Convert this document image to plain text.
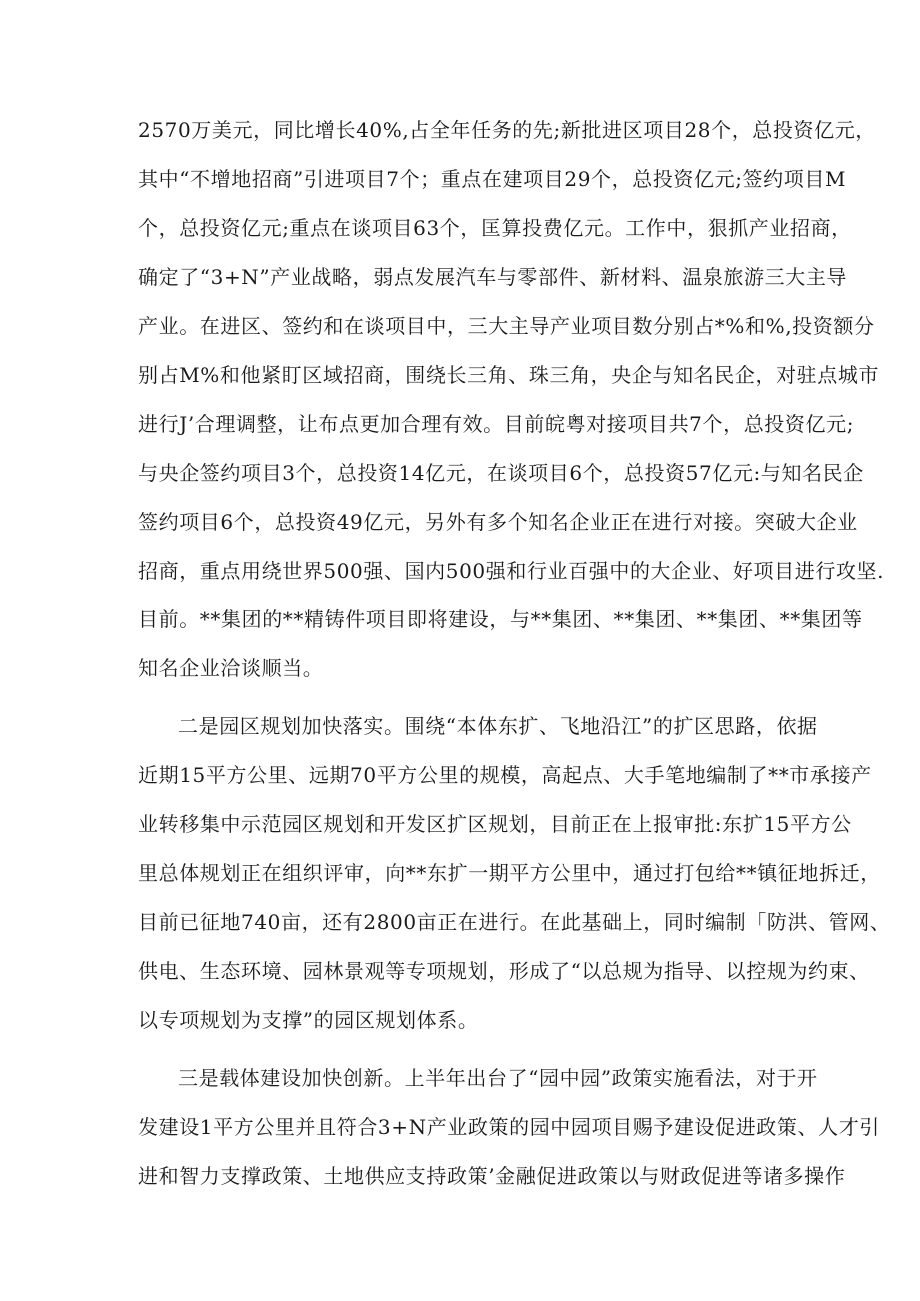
2570万美元，同比增长40%,占全年任务的先;新批进区项目28个，总投资亿元，
其中“不增地招商”引进项目7个；重点在建项目29个，总投资亿元;签约项目M
个，总投资亿元;重点在谈项目63个，匡算投费亿元。工作中，狠抓产业招商，
确定了“3+N”产业战略，弱点发展汽车与零部件、新材料、温泉旅游三大主导
产业。在进区、签约和在谈项目中，三大主导产业项目数分别占*%和%,投资额分
别占M%和他紧盯区域招商，围绕长三角、珠三角，央企与知名民企，对驻点城市
进行J’合理调整，让布点更加合理有效。目前皖粤对接项目共7个，总投资亿元;
与央企签约项目3个，总投资14亿元，在谈项目6个，总投资57亿元:与知名民企
签约项目6个，总投资49亿元，另外有多个知名企业正在进行对接。突破大企业
招商，重点用绕世界500强、国内500强和行业百强中的大企业、好项目进行攻坚.
目前。**集团的**精铸件项目即将建设，与**集团、**集团、**集团、**集团等
知名企业洽谈顺当。
二是园区规划加快落实。围绕“本体东扩、飞地沿江”的扩区思路，依据
近期15平方公里、远期70平方公里的规模，高起点、大手笔地编制了**市承接产
业转移集中示范园区规划和开发区扩区规划，目前正在上报审批:东扩15平方公
里总体规划正在组织评审，向**东扩一期平方公里中，通过打包给**镇征地拆迁，
目前已征地740亩，还有2800亩正在进行。在此基础上，同时编制「防洪、管网、
供电、生态环境、园林景观等专项规划，形成了“以总规为指导、以控规为约束、
以专项规划为支撑”的园区规划体系。
三是载体建设加快创新。上半年出台了“园中园”政策实施看法，对于开
发建设1平方公里并且符合3+N产业政策的园中园项目赐予建设促进政策、人才引
进和智力支撑政策、土地供应支持政策’金融促进政策以与财政促进等诸多操作
